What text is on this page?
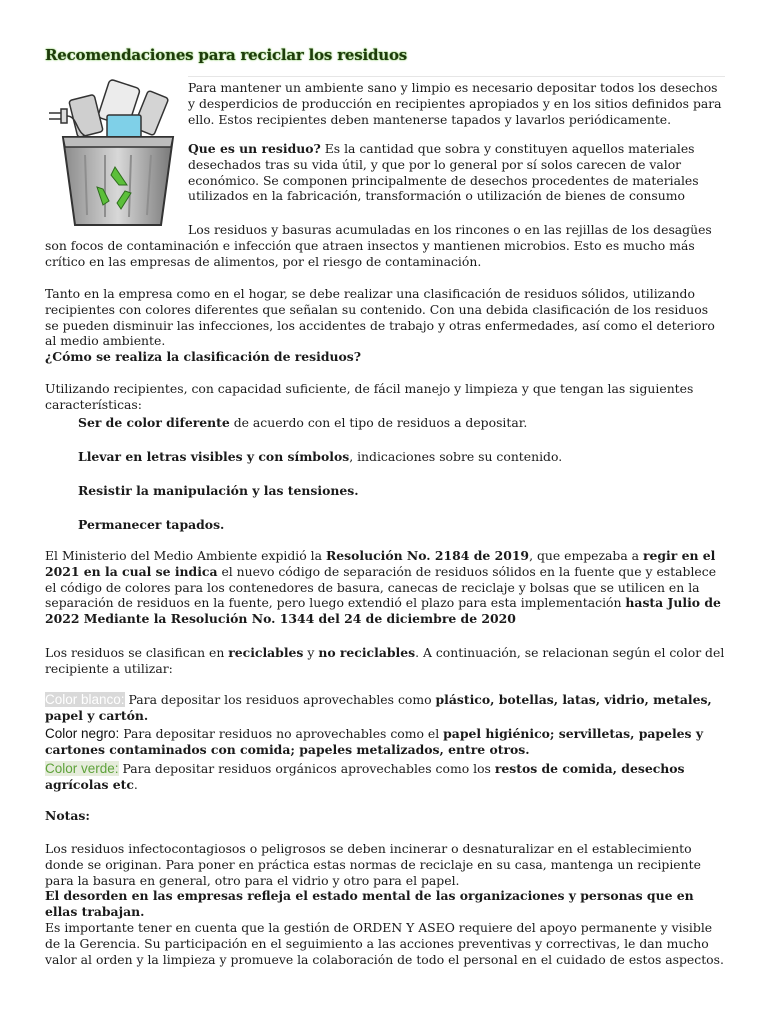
Recomendaciones para reciclar los residuos

Para mantener un ambiente sano y limpio es necesario depositar todos los desechos y desperdicios de producción en recipientes apropiados y en los sitios definidos para ello. Estos recipientes deben mantenerse tapados y lavarlos periódicamente.

Que es un residuo? Es la cantidad que sobra y constituyen aquellos materiales desechados tras su vida útil, y que por lo general por sí solos carecen de valor económico. Se componen principalmente de desechos procedentes de materiales utilizados en la fabricación, transformación o utilización de bienes de consumo

Los residuos y basuras acumuladas en los rincones o en las rejillas de los desagües son focos de contaminación e infección que atraen insectos y mantienen microbios. Esto es mucho más crítico en las empresas de alimentos, por el riesgo de contaminación.

Tanto en la empresa como en el hogar, se debe realizar una clasificación de residuos sólidos, utilizando recipientes con colores diferentes que señalan su contenido. Con una debida clasificación de los residuos se pueden disminuir las infecciones, los accidentes de trabajo y otras enfermedades, así como el deterioro al medio ambiente.

¿Cómo se realiza la clasificación de residuos?

Utilizando recipientes, con capacidad suficiente, de fácil manejo y limpieza y que tengan las siguientes características:

Ser de color diferente de acuerdo con el tipo de residuos a depositar.

Llevar en letras visibles y con símbolos, indicaciones sobre su contenido.

Resistir la manipulación y las tensiones.

Permanecer tapados.

El Ministerio del Medio Ambiente expidió la Resolución No. 2184 de 2019, que empezaba a regir en el 2021 en la cual se indica el nuevo código de separación de residuos sólidos en la fuente que y establece el código de colores para los contenedores de basura, canecas de reciclaje y bolsas que se utilicen en la separación de residuos en la fuente, pero luego extendió el plazo para esta implementación hasta Julio de 2022 Mediante la Resolución No. 1344 del 24 de diciembre de 2020

Los residuos se clasifican en reciclables y no reciclables. A continuación, se relacionan según el color del recipiente a utilizar:

Color blanco: Para depositar los residuos aprovechables como plástico, botellas, latas, vidrio, metales, papel y cartón.

Color negro: Para depositar residuos no aprovechables como el papel higiénico; servilletas, papeles y cartones contaminados con comida; papeles metalizados, entre otros.

Color verde: Para depositar residuos orgánicos aprovechables como los restos de comida, desechos agrícolas etc.

Notas:

Los residuos infectocontagiosos o peligrosos se deben incinerar o desnaturalizar en el establecimiento donde se originan. Para poner en práctica estas normas de reciclaje en su casa, mantenga un recipiente para la basura en general, otro para el vidrio y otro para el papel.
El desorden en las empresas refleja el estado mental de las organizaciones y personas que en ellas trabajan.

Es importante tener en cuenta que la gestión de ORDEN Y ASEO requiere del apoyo permanente y visible de la Gerencia. Su participación en el seguimiento a las acciones preventivas y correctivas, le dan mucho valor al orden y la limpieza y promueve la colaboración de todo el personal en el cuidado de estos aspectos.
